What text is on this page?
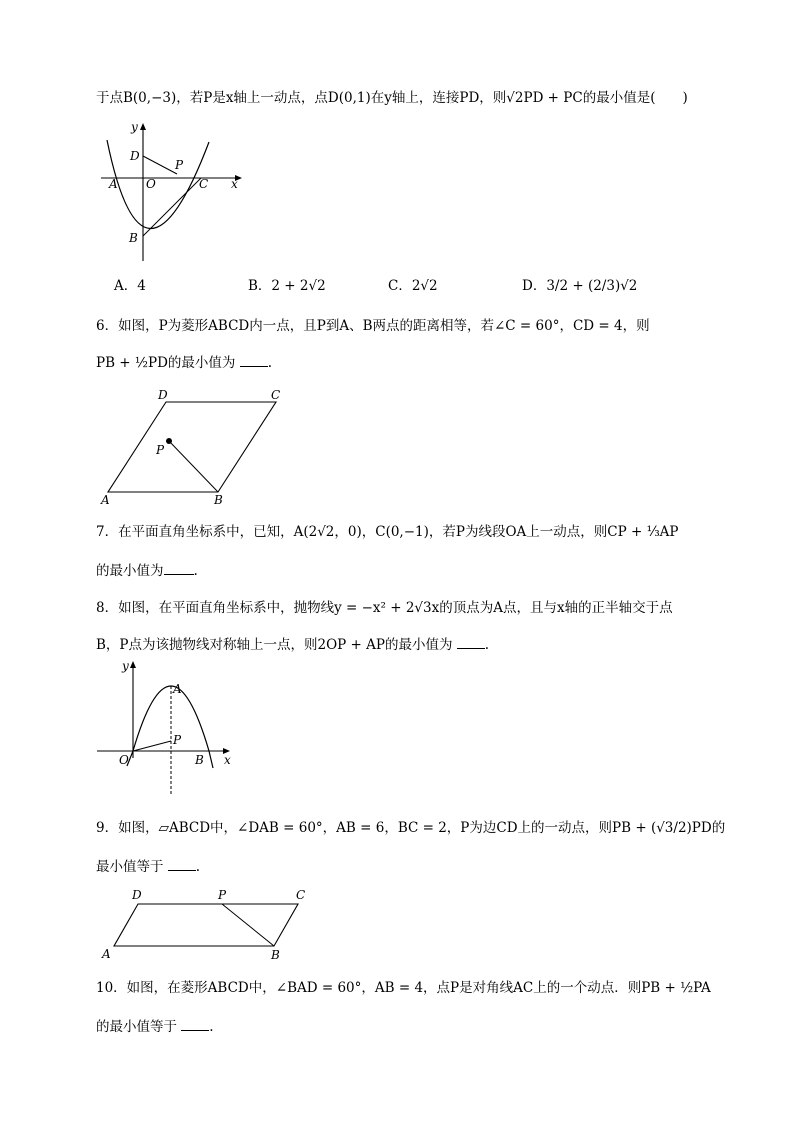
于点B(0,−3)，若P是x轴上一动点，点D(0,1)在y轴上，连接PD，则√2PD + PC的最小值是(　　)
y
x
D
P
A O	C
B
A．4	B．2 + 2√2	C．2√2	D．3/2 + (2/3)√2
6．如图，P为菱形ABCD内一点，且P到A、B两点的距离相等，若∠C = 60°，CD = 4，则
PB + ½PD的最小值为 .
D	C
P
A	B
7．在平面直角坐标系中，已知，A(2√2，0)，C(0,−1)，若P为线段OA上一动点，则CP + ⅓AP
的最小值为 .
8．如图，在平面直角坐标系中，抛物线y = −x² + 2√3x的顶点为A点，且与x轴的正半轴交于点
B，P点为该抛物线对称轴上一点，则2OP + AP的最小值为 .
y
A
P
O	B x
9．如图，▱ABCD中，∠DAB = 60°，AB = 6，BC = 2，P为边CD上的一动点，则PB + (√3/2)PD的
最小值等于 .
D	P	C
A	B
10．如图，在菱形ABCD中，∠BAD = 60°，AB = 4，点P是对角线AC上的一个动点．则PB + ½PA
的最小值等于 .
